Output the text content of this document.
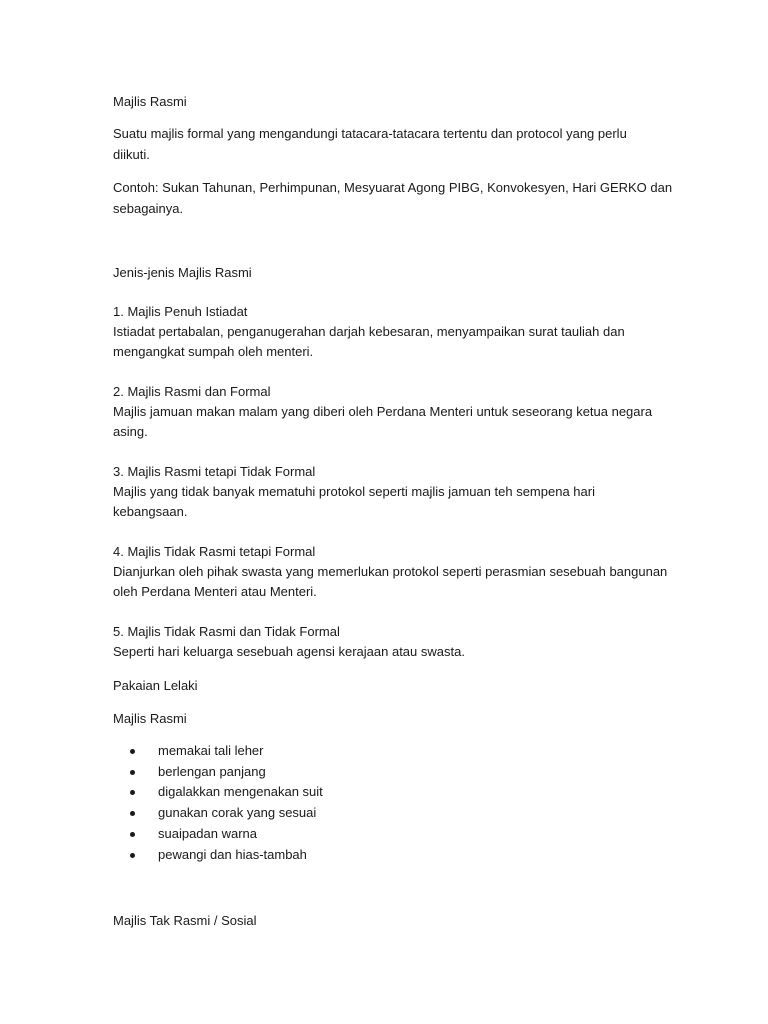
Majlis Rasmi
Suatu majlis formal yang mengandungi tatacara-tatacara tertentu dan protocol yang perlu
diikuti.
Contoh: Sukan Tahunan, Perhimpunan, Mesyuarat Agong PIBG, Konvokesyen, Hari GERKO dan
sebagainya.
Jenis-jenis Majlis Rasmi
1. Majlis Penuh Istiadat
Istiadat pertabalan, penganugerahan darjah kebesaran, menyampaikan surat tauliah dan
mengangkat sumpah oleh menteri.
2. Majlis Rasmi dan Formal
Majlis jamuan makan malam yang diberi oleh Perdana Menteri untuk seseorang ketua negara
asing.
3. Majlis Rasmi tetapi Tidak Formal
Majlis yang tidak banyak mematuhi protokol seperti majlis jamuan teh sempena hari
kebangsaan.
4. Majlis Tidak Rasmi tetapi Formal
Dianjurkan oleh pihak swasta yang memerlukan protokol seperti perasmian sesebuah bangunan
oleh Perdana Menteri atau Menteri.
5. Majlis Tidak Rasmi dan Tidak Formal
Seperti hari keluarga sesebuah agensi kerajaan atau swasta.
Pakaian Lelaki
Majlis Rasmi
memakai tali leher
berlengan panjang
digalakkan mengenakan suit
gunakan corak yang sesuai
suaipadan warna
pewangi dan hias-tambah
Majlis Tak Rasmi / Sosial
